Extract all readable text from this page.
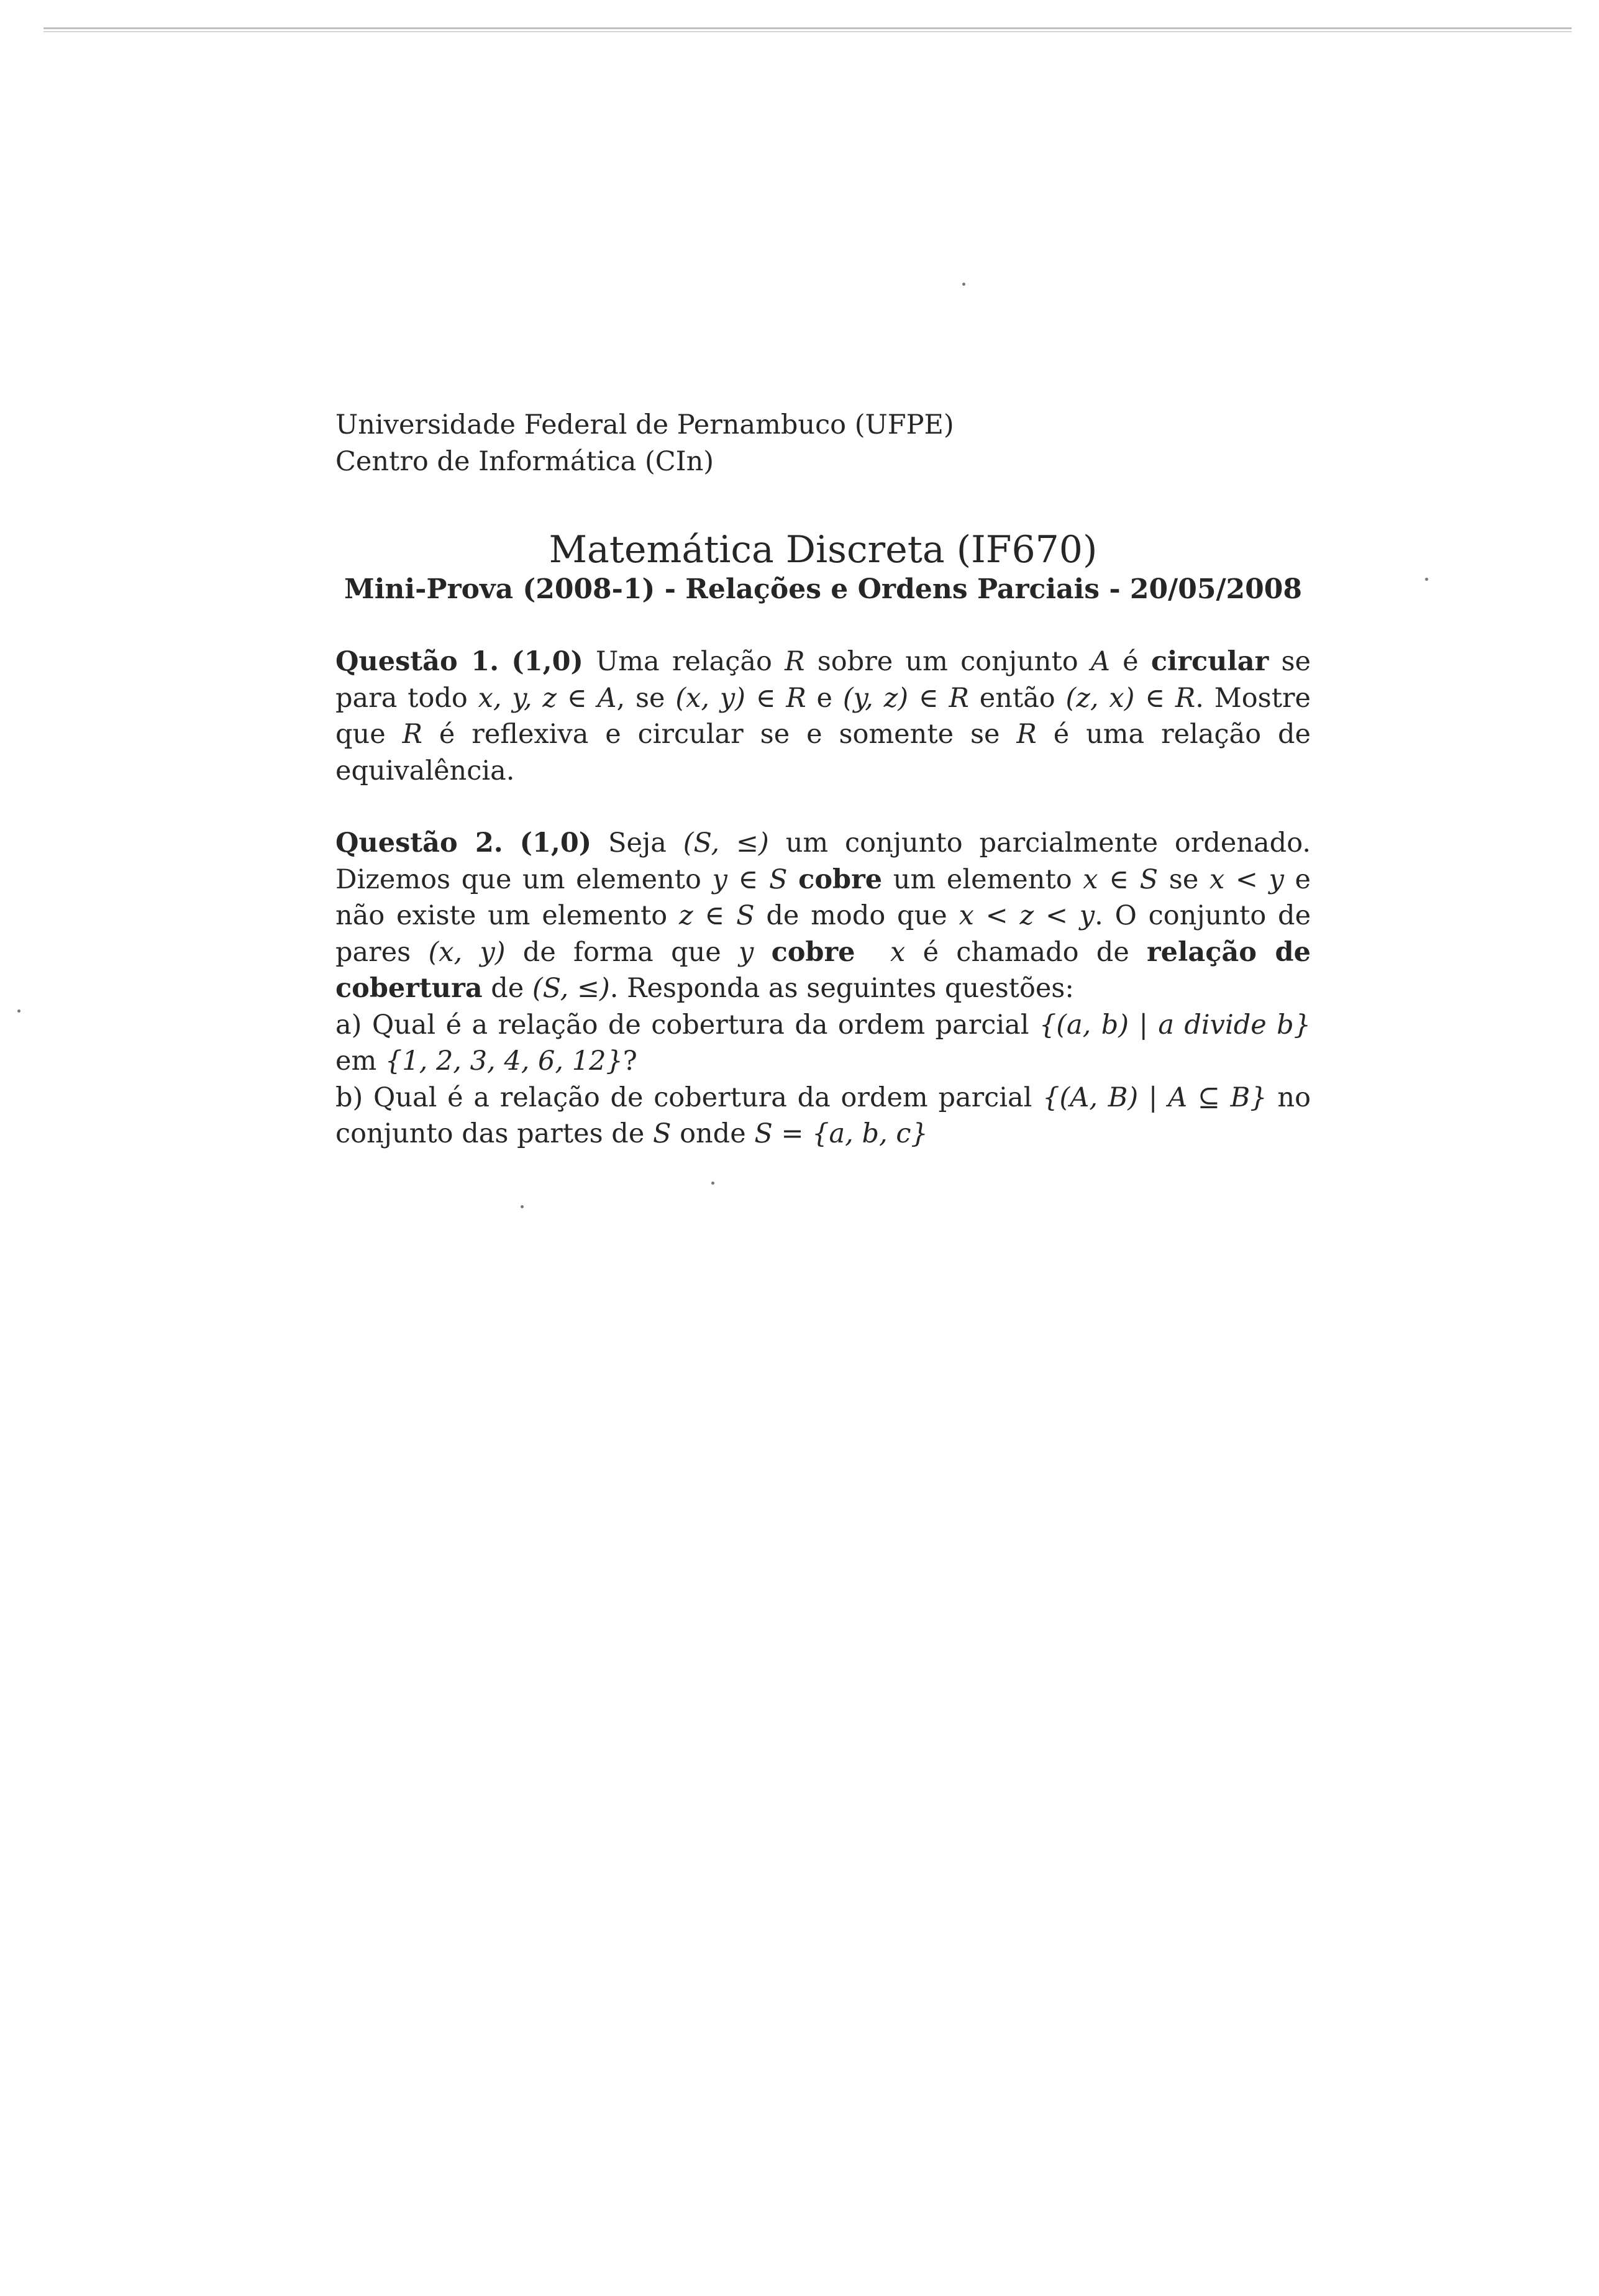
Universidade Federal de Pernambuco (UFPE)

Centro de Informática (CIn)

Matemática Discreta (IF670)

Mini-Prova (2008-1) - Relações e Ordens Parciais - 20/05/2008

Questão 1. (1,0) Uma relação R sobre um conjunto A é circular se para todo x, y, z ∈ A, se (x, y) ∈ R e (y, z) ∈ R então (z, x) ∈ R. Mostre que R é reflexiva e circular se e somente se R é uma relação de equivalência.

Questão 2. (1,0) Seja (S, ≤) um conjunto parcialmente ordenado. Dizemos que um elemento y ∈ S cobre um elemento x ∈ S se x < y e não existe um elemento z ∈ S de modo que x < z < y. O conjunto de pares (x, y) de forma que y cobre x é chamado de relação de cobertura de (S, ≤). Responda as seguintes questões:

a) Qual é a relação de cobertura da ordem parcial {(a, b) | a divide b} em {1, 2, 3, 4, 6, 12}?

b) Qual é a relação de cobertura da ordem parcial {(A, B) | A ⊆ B} no conjunto das partes de S onde S = {a, b, c}
